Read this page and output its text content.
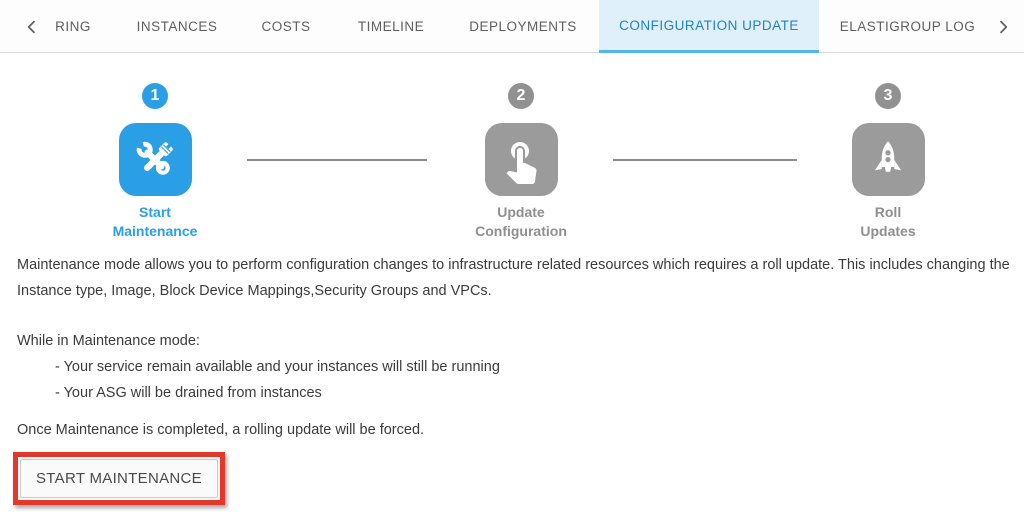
RING	INSTANCES	COSTS	TIMELINE	DEPLOYMENTS	CONFIGURATION UPDATE	ELASTIGROUP LOG
1
Start
Maintenance
2
Update
Configuration
3
Roll
Updates
Maintenance mode allows you to perform configuration changes to infrastructure related resources which requires a roll update. This includes changing the Instance type, Image, Block Device Mappings,Security Groups and VPCs.
While in Maintenance mode:
- Your service remain available and your instances will still be running
- Your ASG will be drained from instances
Once Maintenance is completed, a rolling update will be forced.
START MAINTENANCE
